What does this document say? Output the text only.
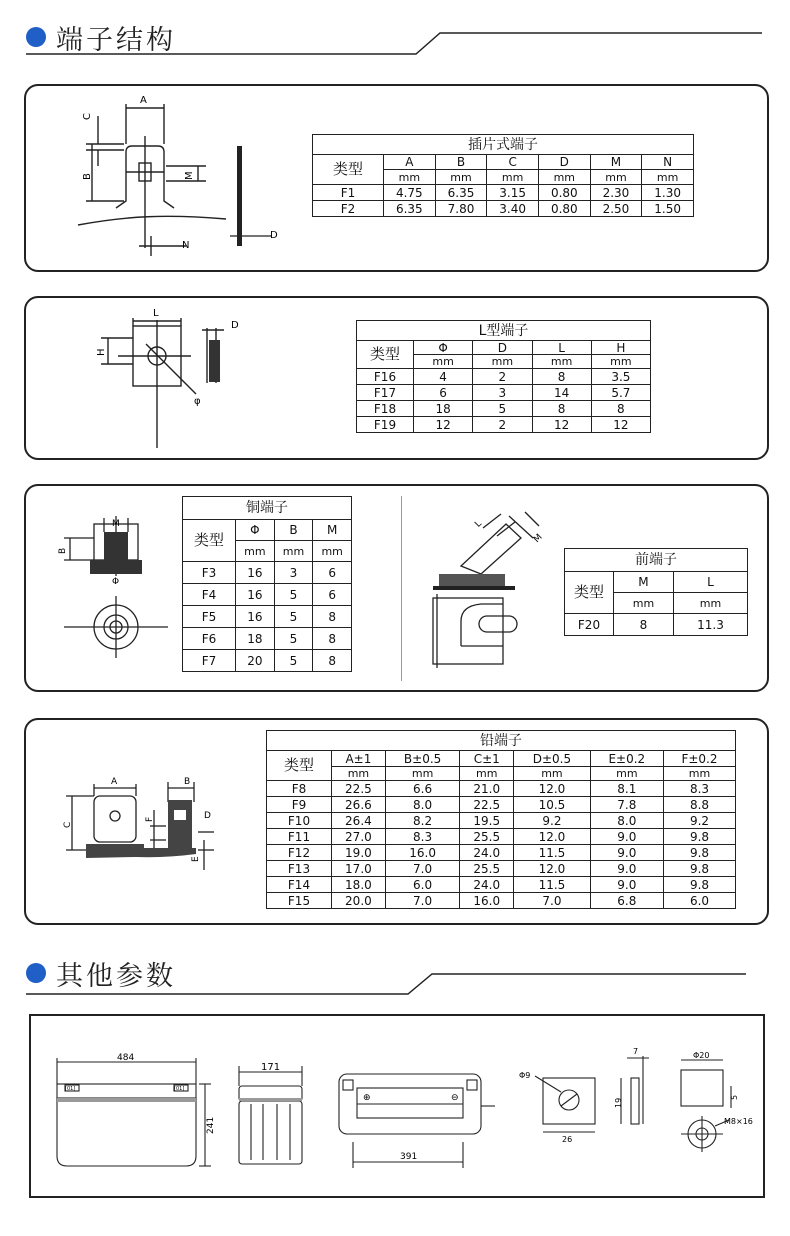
端子结构
A
B
C
M
N
D
插片式端子						
类型	A	B	C	D	M	N
	mm	mm	mm	mm	mm	mm
F1	4.75	6.35	3.15	0.80	2.30	1.30
F2	6.35	7.80	3.40	0.80	2.50	1.50
L
H
D
φ
L型端子				
类型	Φ	D	L	H
	mm	mm	mm	mm
F16	4	2	8	3.5
F17	6	3	14	5.7
F18	18	5	8	8
F19	12	2	12	12
M
B
Φ
铜端子			
类型	Φ	B	M
	mm	mm	mm
F3	16	3	6
F4	16	5	6
F5	16	5	8
F6	18	5	8
F7	20	5	8
L
M
前端子		
类型	M	L
	mm	mm
F20	8	11.3
A	B
C
D
F
E
铅端子						
类型	A±1	B±0.5	C±1	D±0.5	E±0.2	F±0.2
	mm	mm	mm	mm	mm	mm
F8	22.5	6.6	21.0	12.0	8.1	8.3
F9	26.6	8.0	22.5	10.5	7.8	8.8
F10	26.4	8.2	19.5	9.2	8.0	9.2
F11	27.0	8.3	25.5	12.0	9.0	9.8
F12	19.0	16.0	24.0	11.5	9.0	9.8
F13	17.0	7.0	25.5	12.0	9.0	9.8
F14	18.0	6.0	24.0	11.5	9.0	9.8
F15	20.0	7.0	16.0	7.0	6.8	6.0
其他参数
484
171
241
391
⊕	⊖
[01]	[01]
Φ9
26
19
7	Φ20
5
M8×16
